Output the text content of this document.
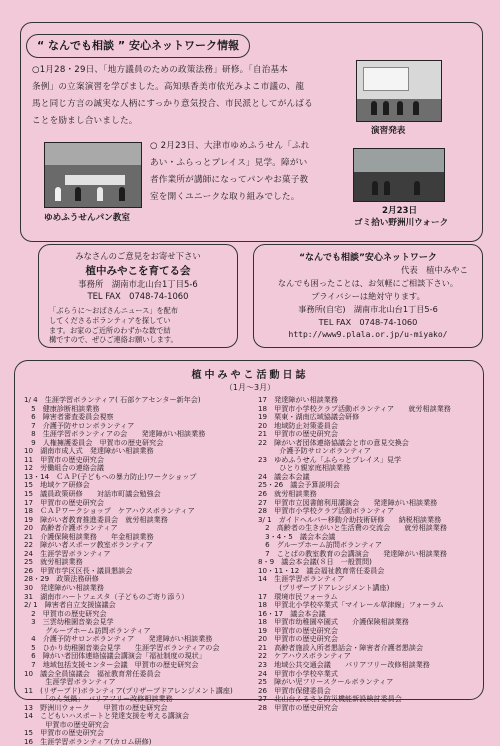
“ なんでも相談 ” 安心ネットワーク情報
○1月28・29日、「地方議員のための政策法務」研修。「自治基本
条例」の立案演習を学びました。高知県香美市依光みよこ市議の、龍
馬と同じ方言の誠実な人柄にすっかり意気投合、市民派としてがんばる
ことを励まし合いました。
演習発表
ゆめふうせんパン教室
○ 2月23日、大津市ゆめふうせん「ふれ
あい・ふらっとプレイス」見学。障がい
者作業所が講師になってパンやお菓子教
室を開くユニークな取り組みでした。
2月23日
ゴミ拾い野洲川ウォーク
みなさんのご意見をお寄せ下さい
植中みやこを育てる会
事務所　湖南市北山台1丁目5-6
TEL FAX　0748-74-1060
「ぶらうに～おばさんニュース」を配布
してくださるボランティアを探してい
ます。お家のご近所のわずかな数で結
構ですので、ぜひご連絡お願いします。
“なんでも相談”安心ネットワーク
代表　植中みやこ
なんでも困ったことは、お気軽にご相談下さい。
プライバシーは絶対守ります。
事務所(自宅)　湖南市北山台1丁目5-6
TEL FAX　0748-74-1060
http://www9.plala.or.jp/u-miyako/
植中みやこ活動日誌
（1月～3月）
1/ 4　生涯学習ボランティア( 石部ケアセンター新年会)
　5　健康診断相談業務
　6　障害者審査委員会視察
　7　介護予防サロンボランティア
　8　生涯学習ボランティアの会　　発達障がい相談業務
　9　人権擁護委員会　甲賀市の歴史研究会
10　湖南市成人式　発達障がい相談業務
11　甲賀市の歴史研究会
12　労働組合の連絡会議
13・14　ＣＡＰ(子どもへの暴力防止)ワークショップ
15　地域ケア研修会
15　議員政策研修　　対話市町議会勉強会
17　甲賀市の歴史研究会
18　ＣＡＰワークショップ　ケアハウスボランティア
19　障がい者教育推進委員会　就労相談業務
20　高齢者介護ボランティア
21　介護保険相談業務　　年金相談業務
22　障がい者スポーツ教室ボランティア
24　生涯学習ボランティア
25　就労相談業務
26　甲賀市学区区長・議員懇談会
28・29　政策法務研修
30　発達障がい相談業務
31　湖南市ハートフェスタ（子どものご寄り添う）
2/ 1　障害者自立支援協議会
　2　甲賀市の歴史研究会
　3　三雲幼稚園音楽会見学
　　　グループホーム訪問ボランティア
　4　介護予防サロンボランティア　　発達障がい相談業務
　5　ひかり幼稚園音楽会見学　　生涯学習ボランティアの会
　6　障がい者団体連絡協議会講演会「福祉制度の現状」
　7　地域包括支援センター会議　甲賀市の歴史研究会
10　議会全員協議会　福祉教育常任委員会
　　　生涯学習ボランティア
11　(リザーブド)ボランティア(プリザーブドアレンジメント講座)
　　　「のん気鍋」　バリアフリー改修相談業務
13　野洲川ウォーク　　甲賀市の歴史研究会
14　こどもいハスポートと発達支援を考える講演会
　　　甲賀市の歴史研究会
15　甲賀市の歴史研究会
16　生涯学習ボランティア(カロム研修)
17　発達障がい相談業務
18　甲賀市小学校クラブ活動ボランティア　　就労相談業務
19　栗東・湖南広域協議会研修
20　地域防止対策委員会
21　甲賀市の歴史研究会
22　障がい者団体連絡協議会と市の意見交換会
　　　介護予防サロンボランティア
23　ゆめふうせん「ふらっとプレイス」見学
　　　ひとり親家庭相談業務
24　議会本会議
25・26　議会予算説明会
26　就労相談業務
27　甲賀市立図書館利用講演会　　発達障がい相談業務
28　甲賀市小学校クラブ活動ボランティア
3/ 1　ガイドヘルパー移動介助技術研修　　納税相談業務
　2　高齢者の生きがいと生活費の交流会　　就労相談業務
　3・4・5　議会本会議
　6　グループホーム訪問ボランティア
　7　ことばの教室教育の会講演会　　発達障がい相談業務
8・9　議会本会議(８日　一般質問)
10・11・12　議会福祉教育常任委員会
14　生涯学習ボランティア
　　　(プリザーブドアレンジメント講座)
17　環境市民フォーラム
18　甲賀北小学校卒業式「マイレール草津線」フォーラム
16・17　議会本会議
18　甲賀市幼稚園卒園式　　介護保険相談業務
19　甲賀市の歴史研究会
20　甲賀市の歴史研究会
21　高齢者施設入所者懇話会・障害者介護者懇談会
22　ケアハウスボランティア
23　地域公共交通会議　　バリアフリー改修相談業務
24　甲賀市小学校卒業式
25　障がい児フリースクールボランティア
26　甲賀市保健委員会
27　北山台ふるさと防災機能新設検討委員会
28　甲賀市の歴史研究会
